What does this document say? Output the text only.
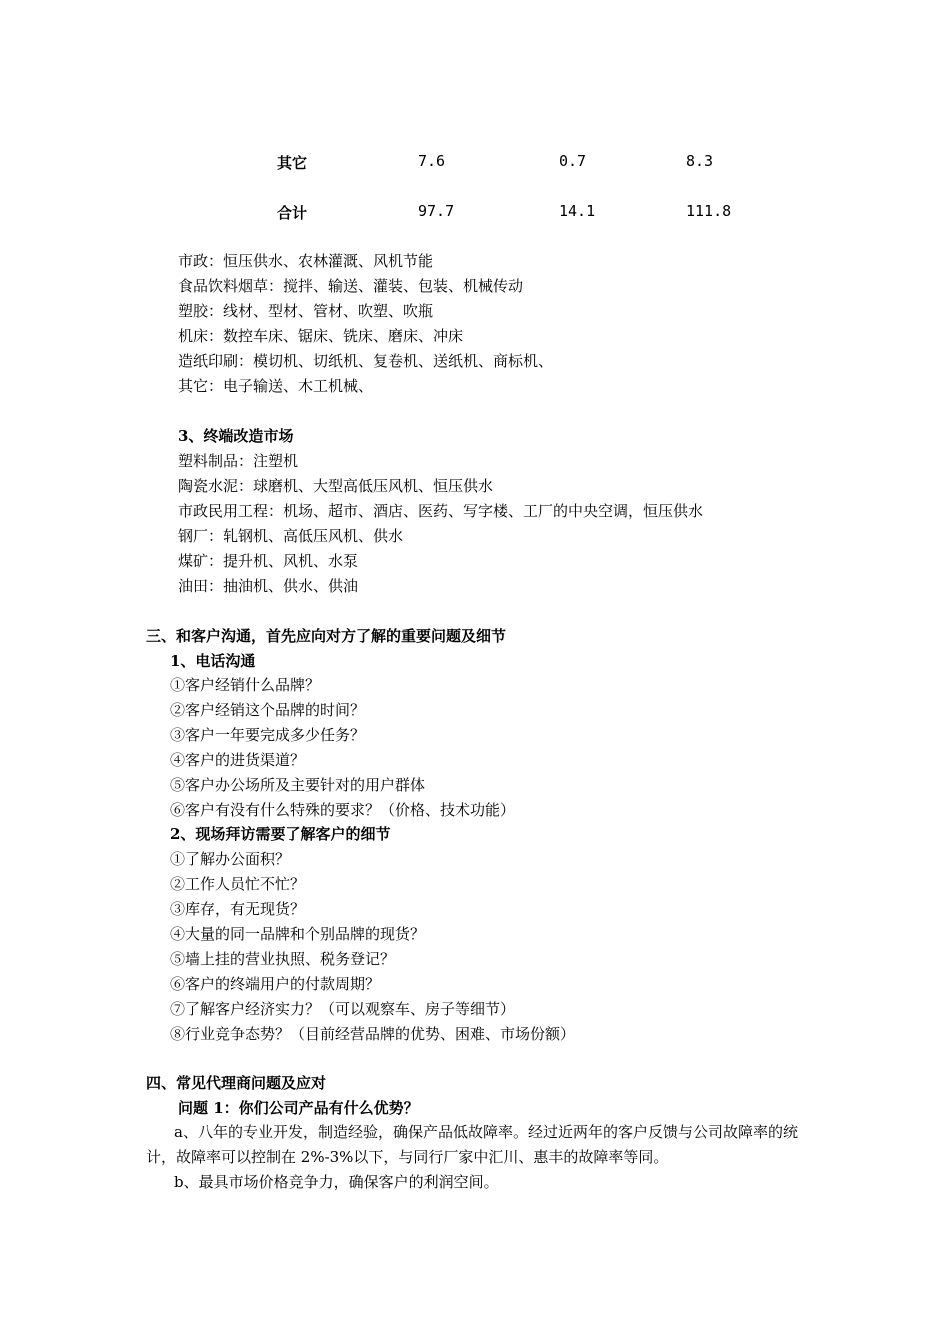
其它	7.6	0.7	8.3
合计	97.7	14.1	111.8
市政：恒压供水、农林灌溉、风机节能
食品饮料烟草：搅拌、输送、灌装、包装、机械传动
塑胶：线材、型材、管材、吹塑、吹瓶
机床：数控车床、锯床、铣床、磨床、冲床
造纸印刷：模切机、切纸机、复卷机、送纸机、商标机、
其它：电子输送、木工机械、
3、终端改造市场
塑料制品：注塑机
陶瓷水泥：球磨机、大型高低压风机、恒压供水
市政民用工程：机场、超市、酒店、医药、写字楼、工厂的中央空调，恒压供水
钢厂：轧钢机、高低压风机、供水
煤矿：提升机、风机、水泵
油田：抽油机、供水、供油
三、和客户沟通，首先应向对方了解的重要问题及细节
1、电话沟通
①客户经销什么品牌？
②客户经销这个品牌的时间？
③客户一年要完成多少任务？
④客户的进货渠道？
⑤客户办公场所及主要针对的用户群体
⑥客户有没有什么特殊的要求？（价格、技术功能）
2、现场拜访需要了解客户的细节
①了解办公面积？
②工作人员忙不忙？
③库存，有无现货？
④大量的同一品牌和个别品牌的现货？
⑤墙上挂的营业执照、税务登记？
⑥客户的终端用户的付款周期？
⑦了解客户经济实力？（可以观察车、房子等细节）
⑧行业竞争态势？（目前经营品牌的优势、困难、市场份额）
四、常见代理商问题及应对
问题 1：你们公司产品有什么优势？
a、八年的专业开发，制造经验，确保产品低故障率。经过近两年的客户反馈与公司故障率的统计，故障率可以控制在 2%-3%以下，与同行厂家中汇川、惠丰的故障率等同。
b、最具市场价格竞争力，确保客户的利润空间。
